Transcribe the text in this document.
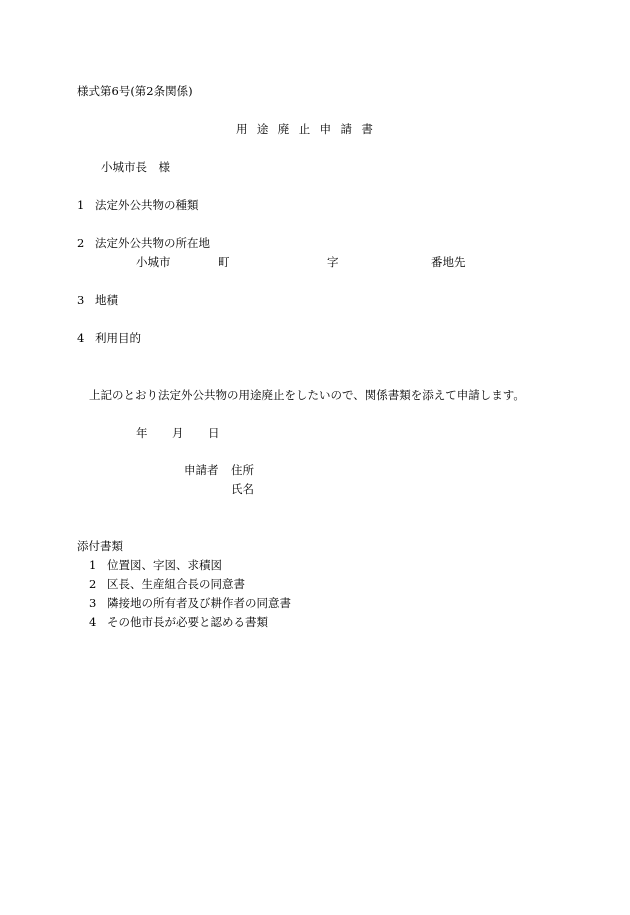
様式第6号(第2条関係)
用途廃止申請書
小城市長　様
1 法定外公共物の種類
2 法定外公共物の所在地
小城市	町	字	番地先
3 地積
4 利用目的
上記のとおり法定外公共物の用途廃止をしたいので、関係書類を添えて申請します。
年 月 日
申請者 住所
氏名
添付書類
1 位置図、字図、求積図
2 区長、生産組合長の同意書
3 隣接地の所有者及び耕作者の同意書
4 その他市長が必要と認める書類
